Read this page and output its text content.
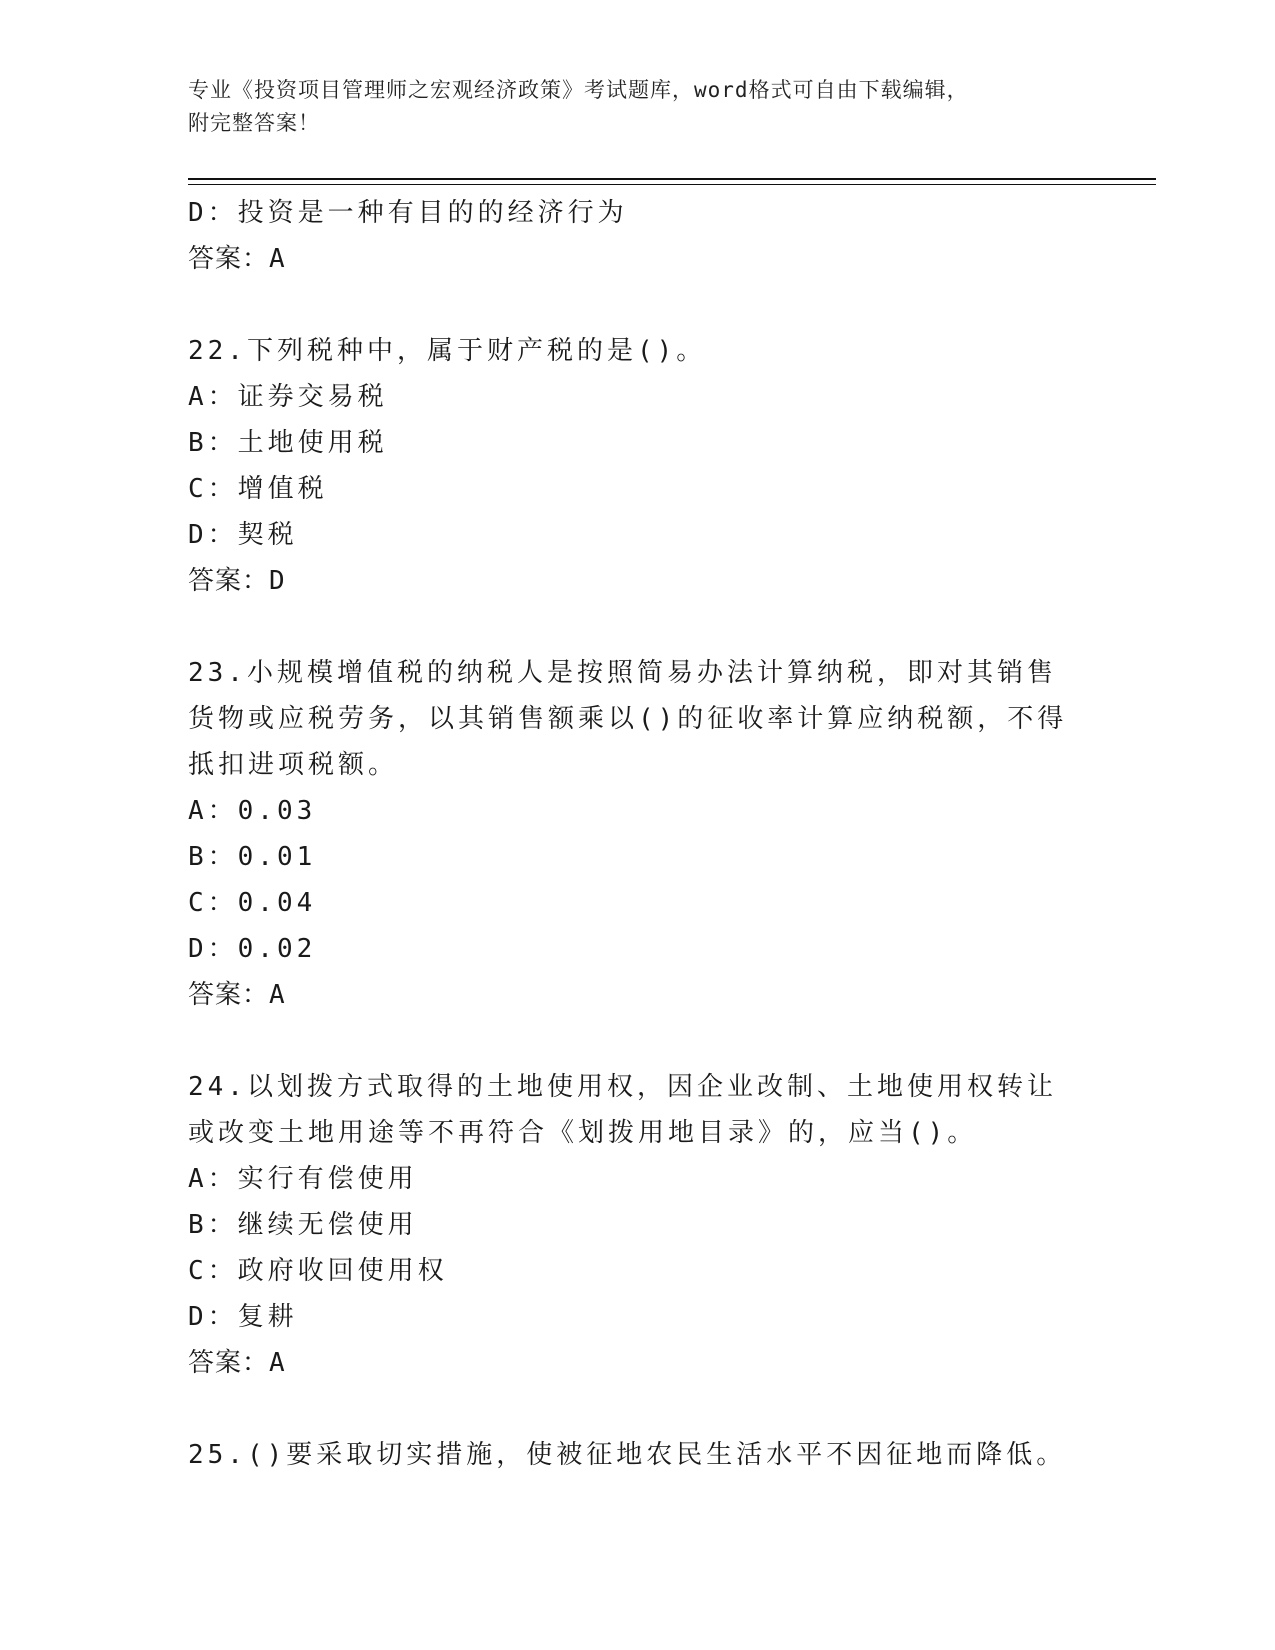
专业《投资项目管理师之宏观经济政策》考试题库，word格式可自由下载编辑，
附完整答案！
D：投资是一种有目的的经济行为
答案：A
22.下列税种中，属于财产税的是()。
A：证券交易税
B：土地使用税
C：增值税
D：契税
答案：D
23.小规模增值税的纳税人是按照简易办法计算纳税，即对其销售货物或应税劳务，以其销售额乘以()的征收率计算应纳税额，不得抵扣进项税额。
A：0.03
B：0.01
C：0.04
D：0.02
答案：A
24.以划拨方式取得的土地使用权，因企业改制、土地使用权转让或改变土地用途等不再符合《划拨用地目录》的，应当()。
A：实行有偿使用
B：继续无偿使用
C：政府收回使用权
D：复耕
答案：A
25.()要采取切实措施，使被征地农民生活水平不因征地而降低。
